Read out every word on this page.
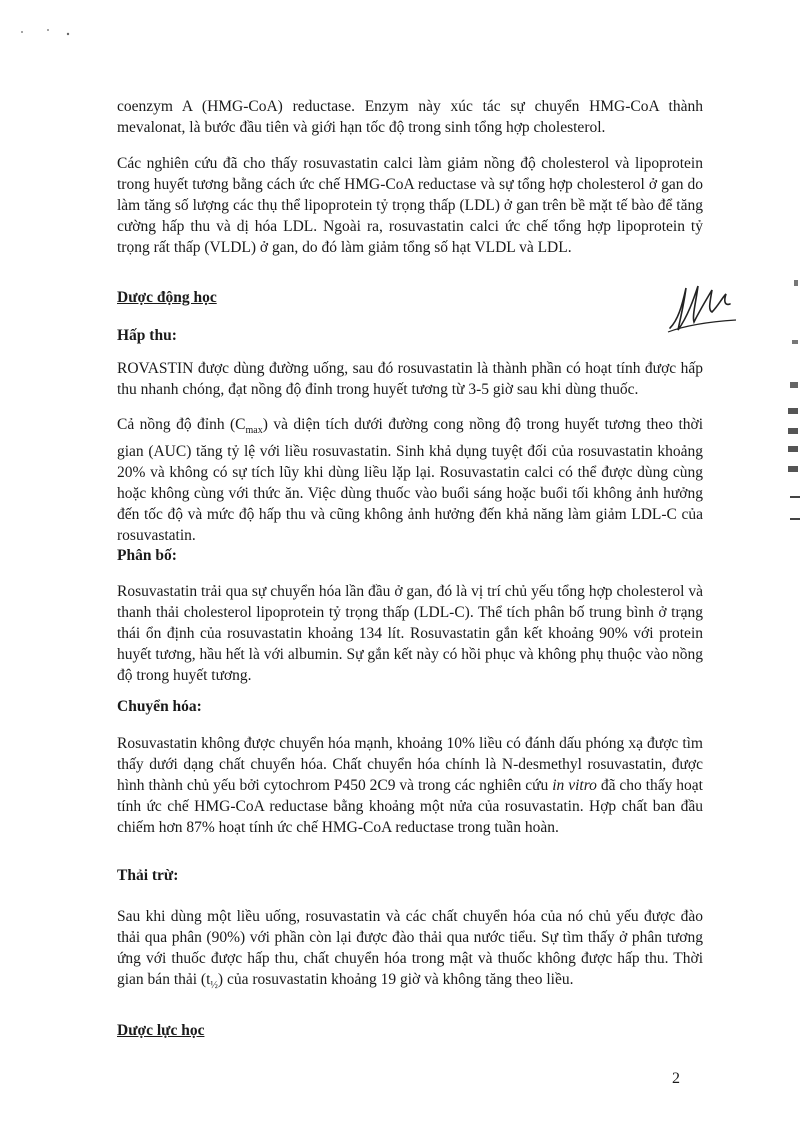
coenzym A (HMG-CoA) reductase. Enzym này xúc tác sự chuyển HMG-CoA thành mevalonat, là bước đầu tiên và giới hạn tốc độ trong sinh tổng hợp cholesterol.

Các nghiên cứu đã cho thấy rosuvastatin calci làm giảm nồng độ cholesterol và lipoprotein trong huyết tương bằng cách ức chế HMG-CoA reductase và sự tổng hợp cholesterol ở gan do làm tăng số lượng các thụ thể lipoprotein tỷ trọng thấp (LDL) ở gan trên bề mặt tế bào để tăng cường hấp thu và dị hóa LDL. Ngoài ra, rosuvastatin calci ức chế tổng hợp lipoprotein tỷ trọng rất thấp (VLDL) ở gan, do đó làm giảm tổng số hạt VLDL và LDL.

Dược động học

Hấp thu:

ROVASTIN được dùng đường uống, sau đó rosuvastatin là thành phần có hoạt tính được hấp thu nhanh chóng, đạt nồng độ đỉnh trong huyết tương từ 3-5 giờ sau khi dùng thuốc.

Cả nồng độ đỉnh $(C_{max})$ và diện tích dưới đường cong nồng độ trong huyết tương theo thời gian (AUC) tăng tỷ lệ với liều rosuvastatin. Sinh khả dụng tuyệt đối của rosuvastatin khoảng 20% và không có sự tích lũy khi dùng liều lặp lại. Rosuvastatin calci có thể được dùng cùng hoặc không cùng với thức ăn. Việc dùng thuốc vào buổi sáng hoặc buổi tối không ảnh hưởng đến tốc độ và mức độ hấp thu và cũng không ảnh hưởng đến khả năng làm giảm LDL-C của rosuvastatin.

Phân bố:

Rosuvastatin trải qua sự chuyển hóa lần đầu ở gan, đó là vị trí chủ yếu tổng hợp cholesterol và thanh thải cholesterol lipoprotein tỷ trọng thấp (LDL-C). Thể tích phân bố trung bình ở trạng thái ổn định của rosuvastatin khoảng 134 lít. Rosuvastatin gắn kết khoảng 90% với protein huyết tương, hầu hết là với albumin. Sự gắn kết này có hồi phục và không phụ thuộc vào nồng độ trong huyết tương.

Chuyển hóa:

Rosuvastatin không được chuyển hóa mạnh, khoảng 10% liều có đánh dấu phóng xạ được tìm thấy dưới dạng chất chuyển hóa. Chất chuyển hóa chính là N-desmethyl rosuvastatin, được hình thành chủ yếu bởi cytochrom P450 2C9 và trong các nghiên cứu in vitro đã cho thấy hoạt tính ức chế HMG-CoA reductase bằng khoảng một nửa của rosuvastatin. Hợp chất ban đầu chiếm hơn 87% hoạt tính ức chế HMG-CoA reductase trong tuần hoàn.

Thải trừ:

Sau khi dùng một liều uống, rosuvastatin và các chất chuyển hóa của nó chủ yếu được đào thải qua phân (90%) với phần còn lại được đào thải qua nước tiểu. Sự tìm thấy ở phân tương ứng với thuốc được hấp thu, chất chuyển hóa trong mật và thuốc không được hấp thu. Thời gian bán thải $(t_{\frac{1}{2}})$ của rosuvastatin khoảng 19 giờ và không tăng theo liều.

Dược lực học

2
